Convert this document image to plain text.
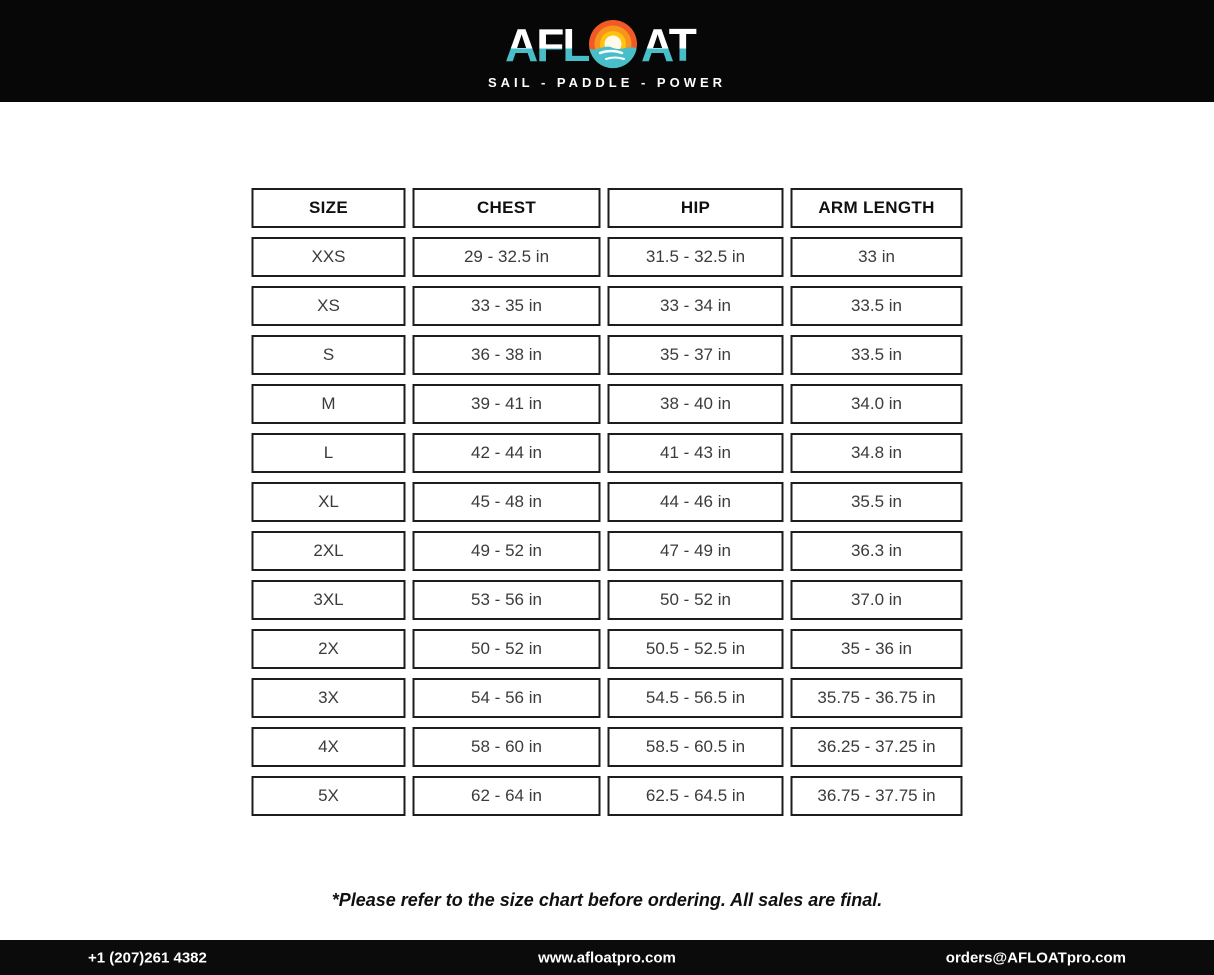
AFL AT
SAIL - PADDLE - POWER
SIZE	CHEST	HIP	ARM LENGTH
XXS	29 - 32.5 in	31.5 - 32.5 in	33 in
XS	33 - 35 in	33 - 34 in	33.5 in
S	36 - 38 in	35 - 37 in	33.5 in
M	39 - 41 in	38 - 40 in	34.0 in
L	42 - 44 in	41 - 43 in	34.8 in
XL	45 - 48 in	44 - 46 in	35.5 in
2XL	49 - 52 in	47 - 49 in	36.3 in
3XL	53 - 56 in	50 - 52 in	37.0 in
2X	50 - 52 in	50.5 - 52.5 in	35 - 36 in
3X	54 - 56 in	54.5 - 56.5 in	35.75 - 36.75 in
4X	58 - 60 in	58.5 - 60.5 in	36.25 - 37.25 in
5X	62 - 64 in	62.5 - 64.5 in	36.75 - 37.75 in
*Please refer to the size chart before ordering. All sales are final.
+1 (207)261 4382	www.afloatpro.com	orders@AFLOATpro.com
